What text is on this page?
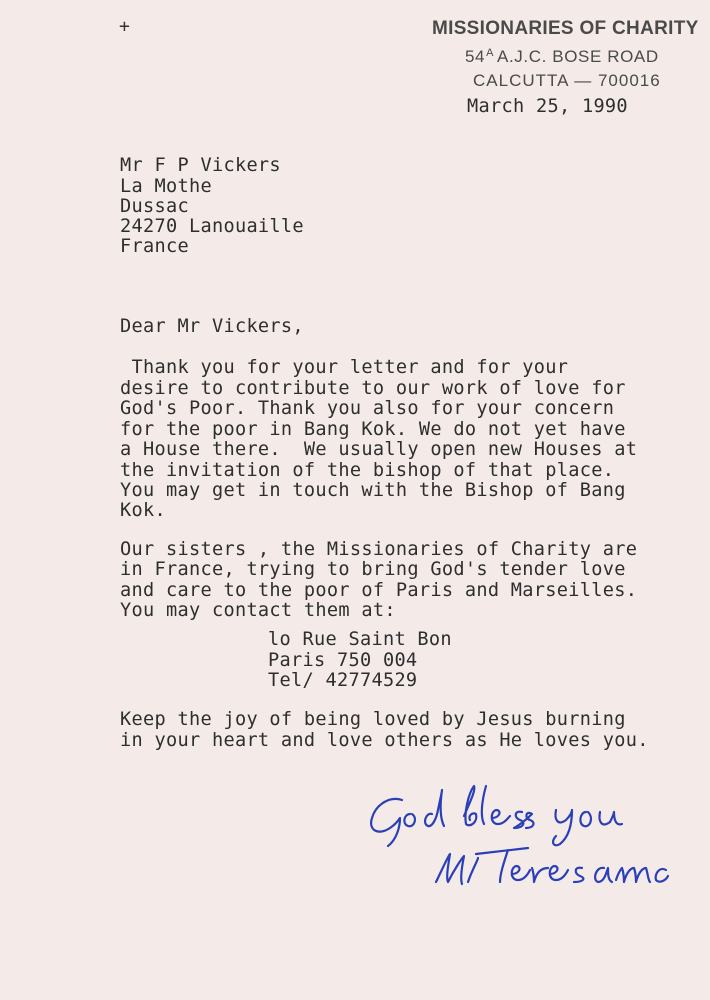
+	MISSIONARIES OF CHARITY
$54^A$ A.J.C. BOSE ROAD
CALCUTTA — 700016
March 25, 1990
Mr F P Vickers
La Mothe
Dussac
24270 Lanouaille
France
Dear Mr Vickers,
Thank you for your letter and for your
desire to contribute to our work of love for
God's Poor. Thank you also for your concern
for the poor in Bang Kok. We do not yet have
a House there.  We usually open new Houses at
the invitation of the bishop of that place.
You may get in touch with the Bishop of Bang
Kok.
Our sisters , the Missionaries of Charity are
in France, trying to bring God's tender love
and care to the poor of Paris and Marseilles.
You may contact them at:
lo Rue Saint Bon
Paris 750 004
Tel/ 42774529
Keep the joy of being loved by Jesus burning
in your heart and love others as He loves you.
